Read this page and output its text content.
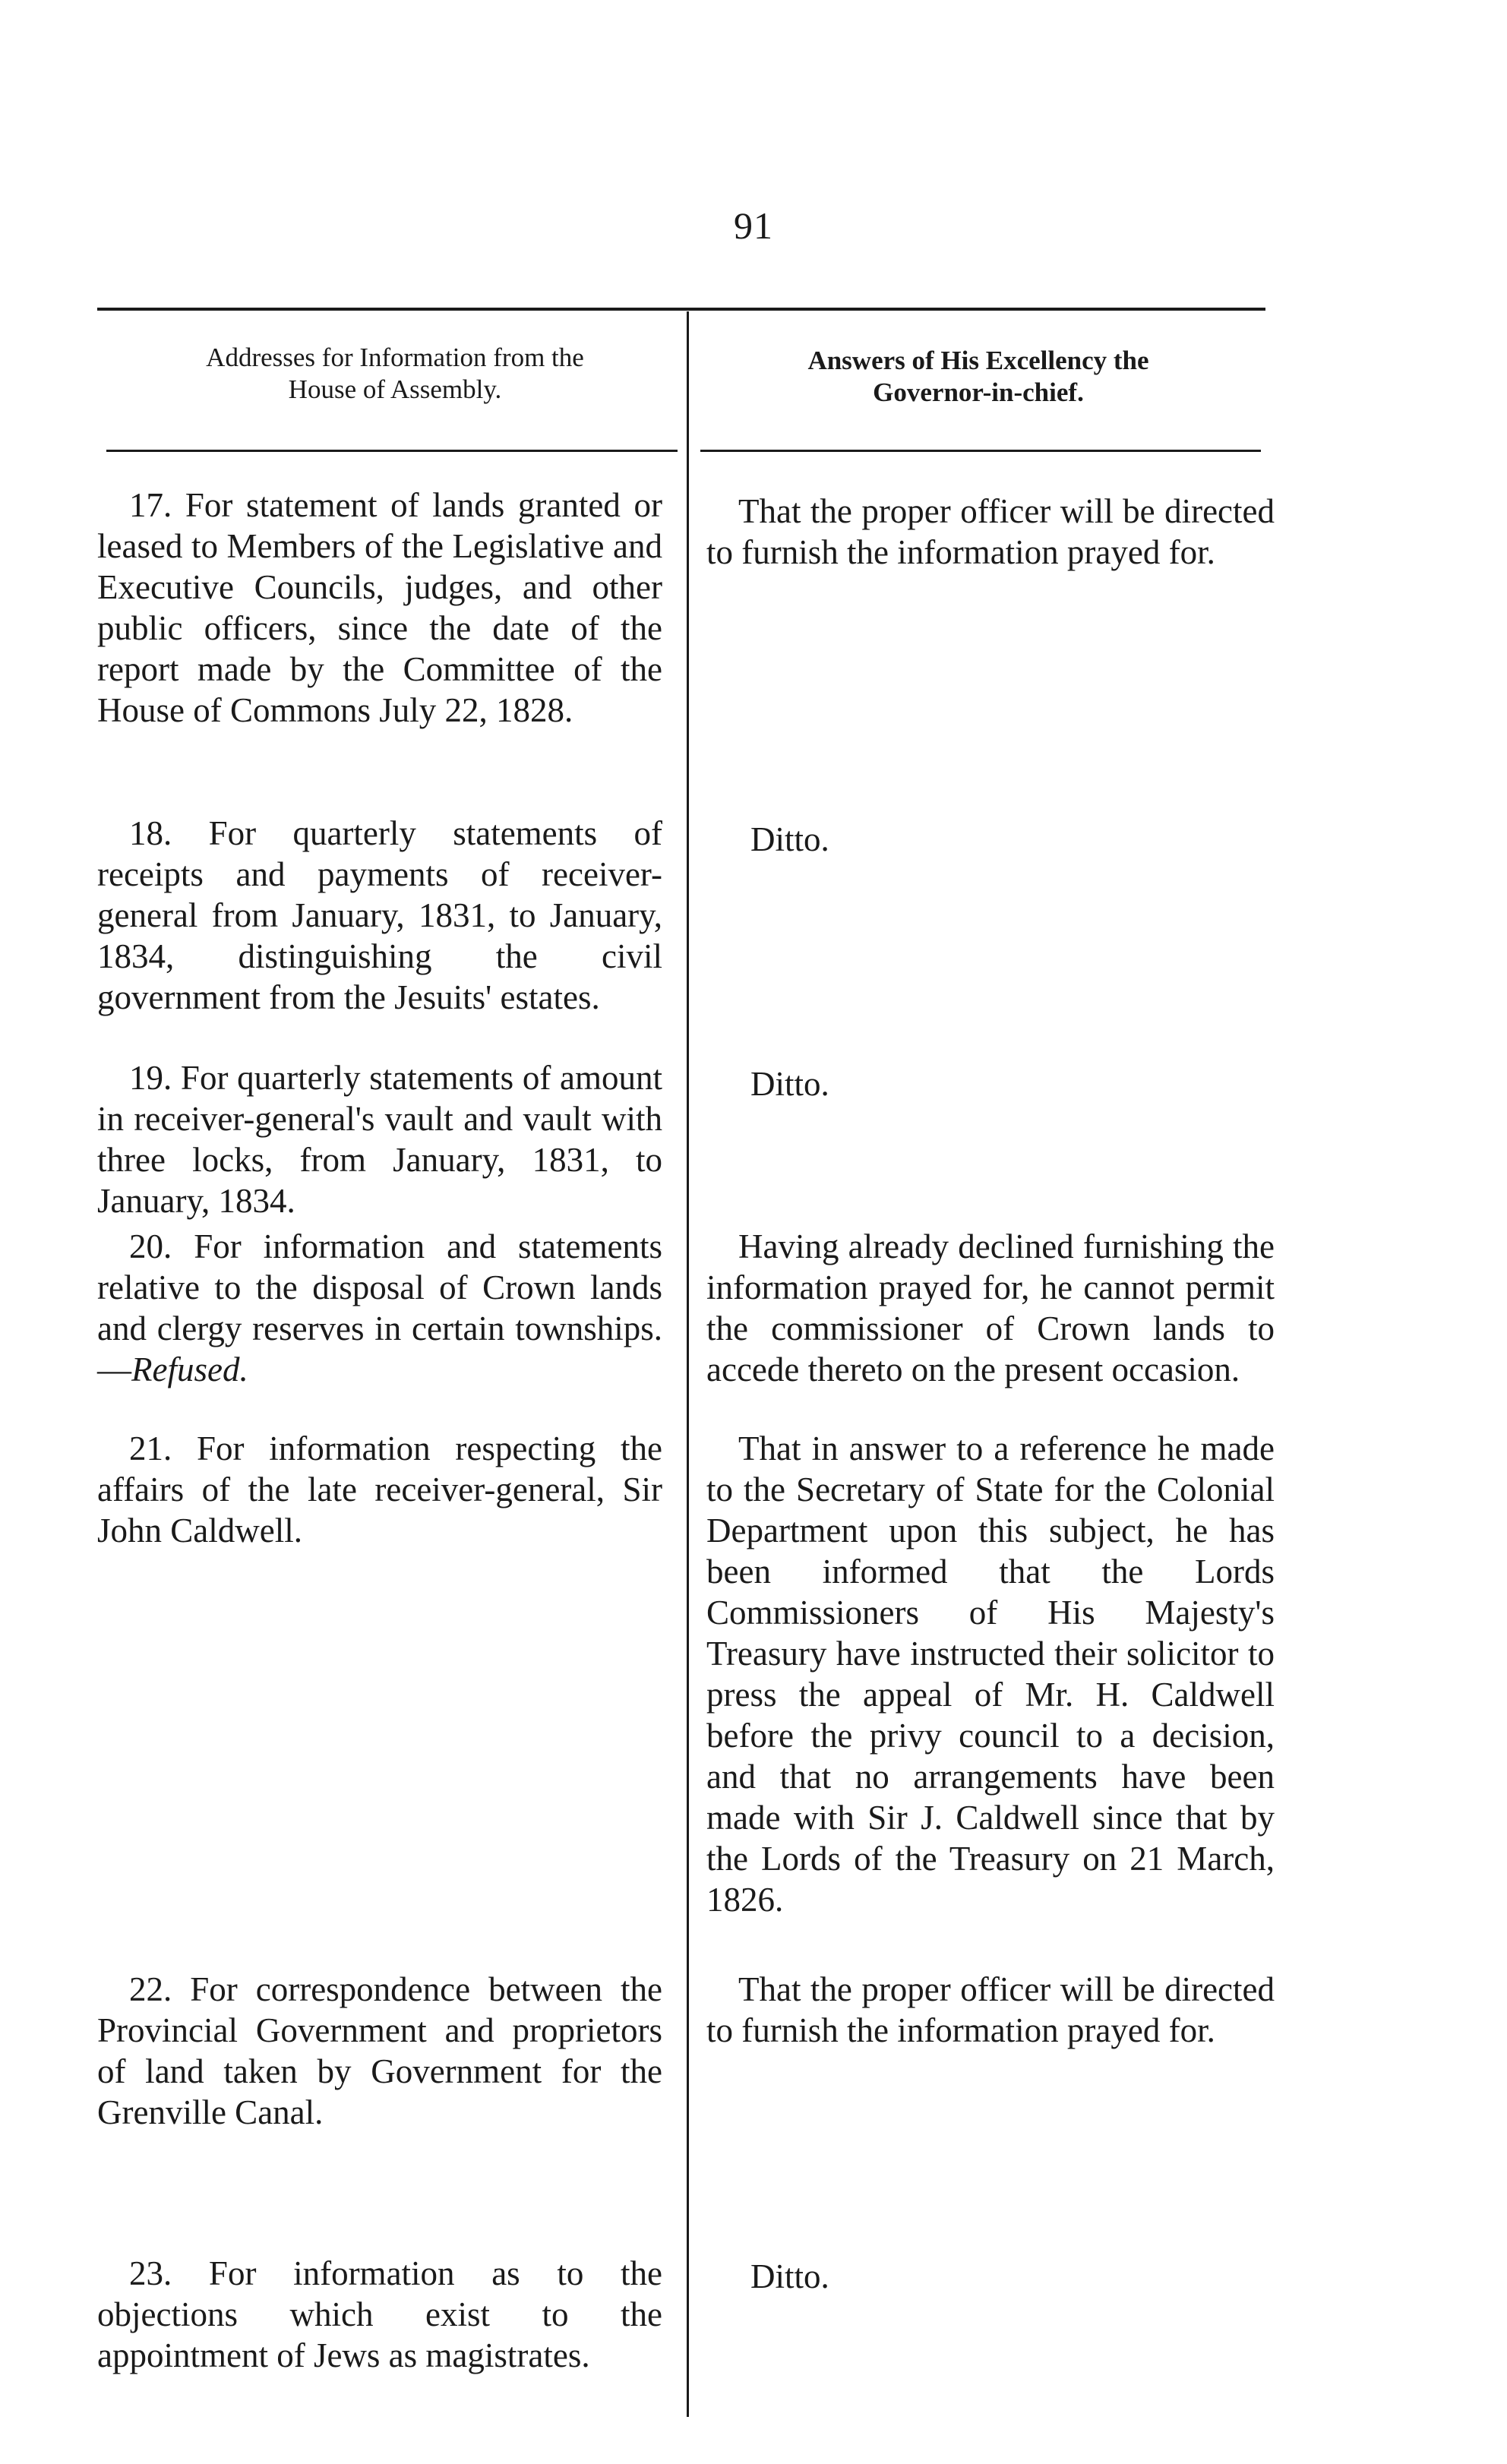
91
Addresses for Information from the
House of Assembly.
Answers of His Excellency the
Governor-in-chief.
17. For statement of lands granted or leased to Members of the Legislative and Executive Councils, judges, and other public officers, since the date of the report made by the Committee of the House of Commons July 22, 1828.
That the proper officer will be directed to furnish the information prayed for.
18. For quarterly statements of receipts and payments of receiver-general from January, 1831, to January, 1834, distinguishing the civil government from the Jesuits' estates.
Ditto.
19. For quarterly statements of amount in receiver-general's vault and vault with three locks, from January, 1831, to January, 1834.
Ditto.
20. For information and statements relative to the disposal of Crown lands and clergy reserves in certain townships.—Refused.
Having already declined furnishing the information prayed for, he cannot permit the commissioner of Crown lands to accede thereto on the present occasion.
21. For information respecting the affairs of the late receiver-general, Sir John Caldwell.
That in answer to a reference he made to the Secretary of State for the Colonial Department upon this subject, he has been informed that the Lords Commissioners of His Majesty's Treasury have instructed their solicitor to press the appeal of Mr. H. Caldwell before the privy council to a decision, and that no arrangements have been made with Sir J. Caldwell since that by the Lords of the Treasury on 21 March, 1826.
22. For correspondence between the Provincial Government and proprietors of land taken by Government for the Grenville Canal.
That the proper officer will be directed to furnish the information prayed for.
23. For information as to the objections which exist to the appointment of Jews as magistrates.
Ditto.
